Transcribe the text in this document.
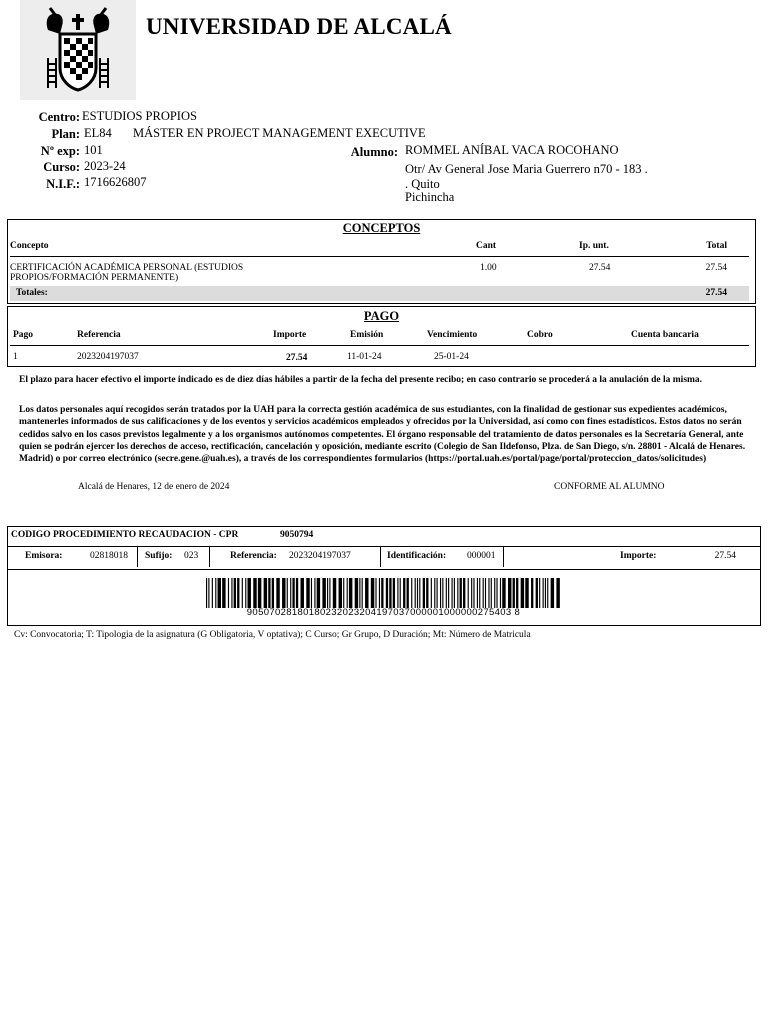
UNIVERSIDAD DE ALCALÁ
Centro: ESTUDIOS PROPIOS
Plan: EL84 MÁSTER EN PROJECT MANAGEMENT EXECUTIVE
Nº exp: 101
Curso: 2023-24
N.I.F.: 1716626807
Alumno: ROMMEL ANÍBAL VACA ROCOHANO
Otr/ Av General Jose Maria Guerrero n70 - 183 .
. Quito
Pichincha
CONCEPTOS
Concepto	Cant	Ip. unt.	Total
CERTIFICACIÓN ACADÉMICA PERSONAL (ESTUDIOS
PROPIOS/FORMACIÓN PERMANENTE)
1.00	27.54	27.54
Totales:	27.54
PAGO
Pago	Referencia	Importe	Emisión	Vencimiento	Cobro	Cuenta bancaria
1	2023204197037	27.54	11-01-24	25-01-24
El plazo para hacer efectivo el importe indicado es de diez días hábiles a partir de la fecha del presente recibo; en caso contrario se procederá a la anulación de la misma.
Los datos personales aquí recogidos serán tratados por la UAH para la correcta gestión académica de sus estudiantes, con la finalidad de gestionar sus expedientes académicos, mantenerles informados de sus calificaciones y de los eventos y servicios académicos empleados y ofrecidos por la Universidad, así como con fines estadísticos. Estos datos no serán cedidos salvo en los casos previstos legalmente y a los organismos autónomos competentes. El órgano responsable del tratamiento de datos personales es la Secretaría General, ante quien se podrán ejercer los derechos de acceso, rectificación, cancelación y oposición, mediante escrito (Colegio de San Ildefonso, Plza. de San Diego, s/n. 28801 - Alcalá de Henares. Madrid) o por correo electrónico (secre.gene.@uah.es), a través de los correspondientes formularios (https://portal.uah.es/portal/page/portal/proteccion_datos/solicitudes)
Alcalá de Henares, 12 de enero de 2024	CONFORME AL ALUMNO
CODIGO PROCEDIMIENTO RECAUDACION - CPR	9050794
Emisora:	02818018 Sufijo: 023	Referencia: 2023204197037	Identificación: 000001	Importe:	27.54
90507028180180232023204197037000001000000275403 8
Cv: Convocatoria; T: Tipologia de la asignatura (G Obligatoria, V optativa); C Curso; Gr Grupo, D Duración; Mt: Número de Matricula
